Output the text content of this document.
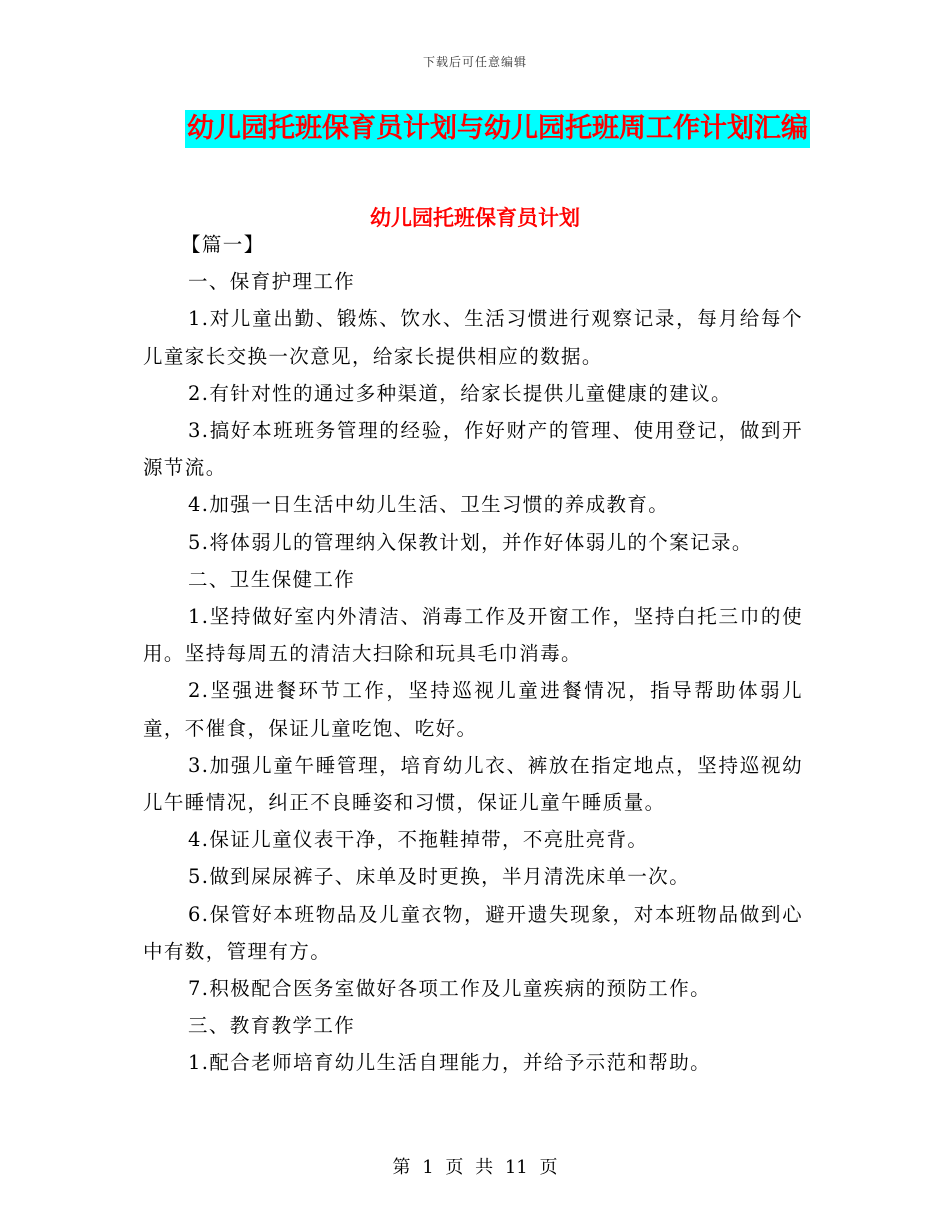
下载后可任意编辑
幼儿园托班保育员计划与幼儿园托班周工作计划汇编
幼儿园托班保育员计划

【篇一】

一、保育护理工作

1.对儿童出勤、锻炼、饮水、生活习惯进行观察记录，每月给每个儿童家长交换一次意见，给家长提供相应的数据。

2.有针对性的通过多种渠道，给家长提供儿童健康的建议。

3.搞好本班班务管理的经验，作好财产的管理、使用登记，做到开源节流。

4.加强一日生活中幼儿生活、卫生习惯的养成教育。

5.将体弱儿的管理纳入保教计划，并作好体弱儿的个案记录。

二、卫生保健工作

1.坚持做好室内外清洁、消毒工作及开窗工作，坚持白托三巾的使用。坚持每周五的清洁大扫除和玩具毛巾消毒。

2.坚强进餐环节工作，坚持巡视儿童进餐情况，指导帮助体弱儿童，不催食，保证儿童吃饱、吃好。

3.加强儿童午睡管理，培育幼儿衣、裤放在指定地点，坚持巡视幼儿午睡情况，纠正不良睡姿和习惯，保证儿童午睡质量。

4.保证儿童仪表干净，不拖鞋掉带，不亮肚亮背。

5.做到屎尿裤子、床单及时更换，半月清洗床单一次。

6.保管好本班物品及儿童衣物，避开遗失现象，对本班物品做到心中有数，管理有方。

7.积极配合医务室做好各项工作及儿童疾病的预防工作。

三、教育教学工作

1.配合老师培育幼儿生活自理能力，并给予示范和帮助。

第 1 页 共 11 页
